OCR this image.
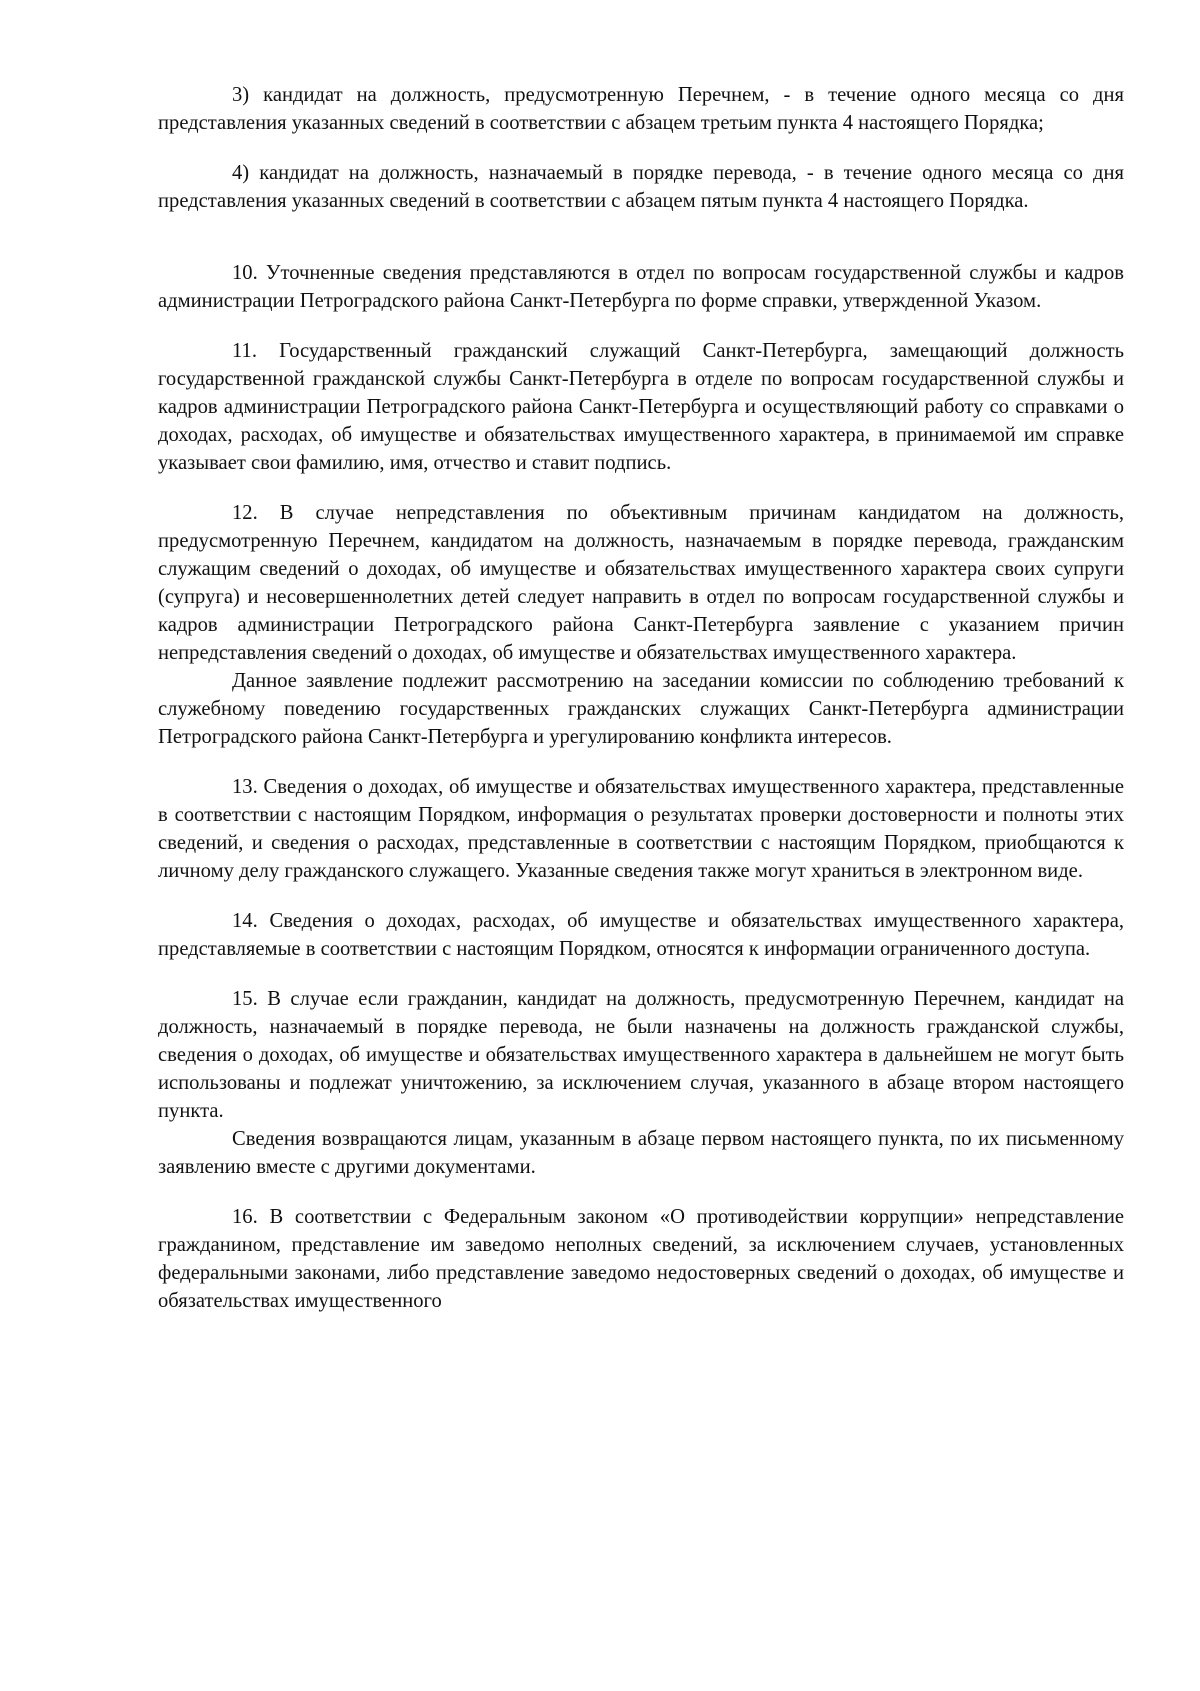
3) кандидат на должность, предусмотренную Перечнем, - в течение одного месяца со дня представления указанных сведений в соответствии с абзацем третьим пункта 4 настоящего Порядка;

4) кандидат на должность, назначаемый в порядке перевода, - в течение одного месяца со дня представления указанных сведений в соответствии с абзацем пятым пункта 4 настоящего Порядка.

10. Уточненные сведения представляются в отдел по вопросам государственной службы и кадров администрации Петроградского района Санкт-Петербурга по форме справки, утвержденной Указом.

11. Государственный гражданский служащий Санкт-Петербурга, замещающий должность государственной гражданской службы Санкт-Петербурга в отделе по вопросам государственной службы и кадров администрации Петроградского района Санкт-Петербурга и осуществляющий работу со справками о доходах, расходах, об имуществе и обязательствах имущественного характера, в принимаемой им справке указывает свои фамилию, имя, отчество и ставит подпись.

12. В случае непредставления по объективным причинам кандидатом на должность, предусмотренную Перечнем, кандидатом на должность, назначаемым в порядке перевода, гражданским служащим сведений о доходах, об имуществе и обязательствах имущественного характера своих супруги (супруга) и несовершеннолетних детей следует направить в отдел по вопросам государственной службы и кадров администрации Петроградского района Санкт-Петербурга заявление с указанием причин непредставления сведений о доходах, об имуществе и обязательствах имущественного характера.

Данное заявление подлежит рассмотрению на заседании комиссии по соблюдению требований к служебному поведению государственных гражданских служащих Санкт-Петербурга администрации Петроградского района Санкт-Петербурга и урегулированию конфликта интересов.

13. Сведения о доходах, об имуществе и обязательствах имущественного характера, представленные в соответствии с настоящим Порядком, информация о результатах проверки достоверности и полноты этих сведений, и сведения о расходах, представленные в соответствии с настоящим Порядком, приобщаются к личному делу гражданского служащего. Указанные сведения также могут храниться в электронном виде.

14. Сведения о доходах, расходах, об имуществе и обязательствах имущественного характера, представляемые в соответствии с настоящим Порядком, относятся к информации ограниченного доступа.

15. В случае если гражданин, кандидат на должность, предусмотренную Перечнем, кандидат на должность, назначаемый в порядке перевода, не были назначены на должность гражданской службы, сведения о доходах, об имуществе и обязательствах имущественного характера в дальнейшем не могут быть использованы и подлежат уничтожению, за исключением случая, указанного в абзаце втором настоящего пункта.

Сведения возвращаются лицам, указанным в абзаце первом настоящего пункта, по их письменному заявлению вместе с другими документами.

16. В соответствии с Федеральным законом «О противодействии коррупции» непредставление гражданином, представление им заведомо неполных сведений, за исключением случаев, установленных федеральными законами, либо представление заведомо недостоверных сведений о доходах, об имуществе и обязательствах имущественного
